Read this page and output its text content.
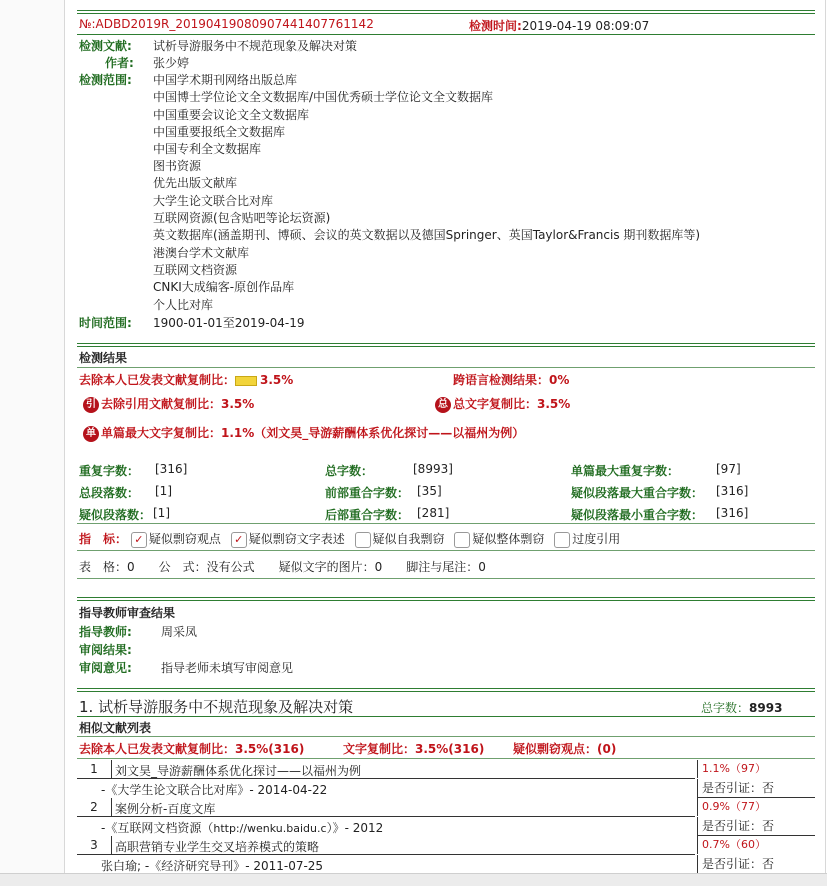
№:ADBD2019R_2019041908090744140776114​2	检测时间:2019-04-19 08:09:07
检测文献: 试析导游服务中不规范现象及解决对策
作者: 张少婷
检测范围: 中国学术期刊网络出版总库
中国博士学位论文全文数据库/中国优秀硕士学位论文全文数据库
中国重要会议论文全文数据库
中国重要报纸全文数据库
中国专利全文数据库
图书资源
优先出版文献库
大学生论文联合比对库
互联网资源(包含贴吧等论坛资源)
英文数据库(涵盖期刊、博硕、会议的英文数据以及德国Springer、英国Taylor&Francis 期刊数据库等)
港澳台学术文献库
互联网文档资源
CNKI大成编客-原创作品库
个人比对库
时间范围: 1900-01-01至2019-04-19
检测结果
去除本人已发表文献复制比： 3.5%	跨语言检测结果：0%
引 去除引用文献复制比：3.5%	总 总文字复制比：3.5%
单 单篇最大文字复制比：1.1%（刘文昊_导游薪酬体系优化探讨——以福州为例）
重复字数： [316]	总字数：	[8993]	单篇最大重复字数：	[97]
总段落数： [1]	前部重合字数： [35]	疑似段落最大重合字数： [316]
疑似段落数： [1]	后部重合字数： [281]	疑似段落最小重合字数： [316]
指　标： ✓ 疑似剽窃观点 ✓ 疑似剽窃文字表述 疑似自我剽窃 疑似整体剽窃 过度引用
表　格：0　　公　式：没有公式　　疑似文字的图片：0　　脚注与尾注：0
指导教师审查结果
指导教师: 周采凤
审阅结果:
审阅意见: 指导老师未填写审阅意见
1. 试析导游服务中不规范现象及解决对策	总字数：8993
相似文献列表
去除本人已发表文献复制比：3.5%(316)	文字复制比：3.5%(316) 疑似剽窃观点：(0)
1	刘文昊_导游薪酬体系优化探讨——以福州为例
-《大学生论文联合比对库》- 2014-04-22
1.1%（97）
是否引证：否
2	案例分析-百度文库
-《互联网文档资源（http://wenku.baidu.c）》- 2012
0.9%（77）
是否引证：否
3	高职营销专业学生交叉培养模式的策略
张白瑜; -《经济研究导刊》- 2011-07-25
0.7%（60）
是否引证：否
